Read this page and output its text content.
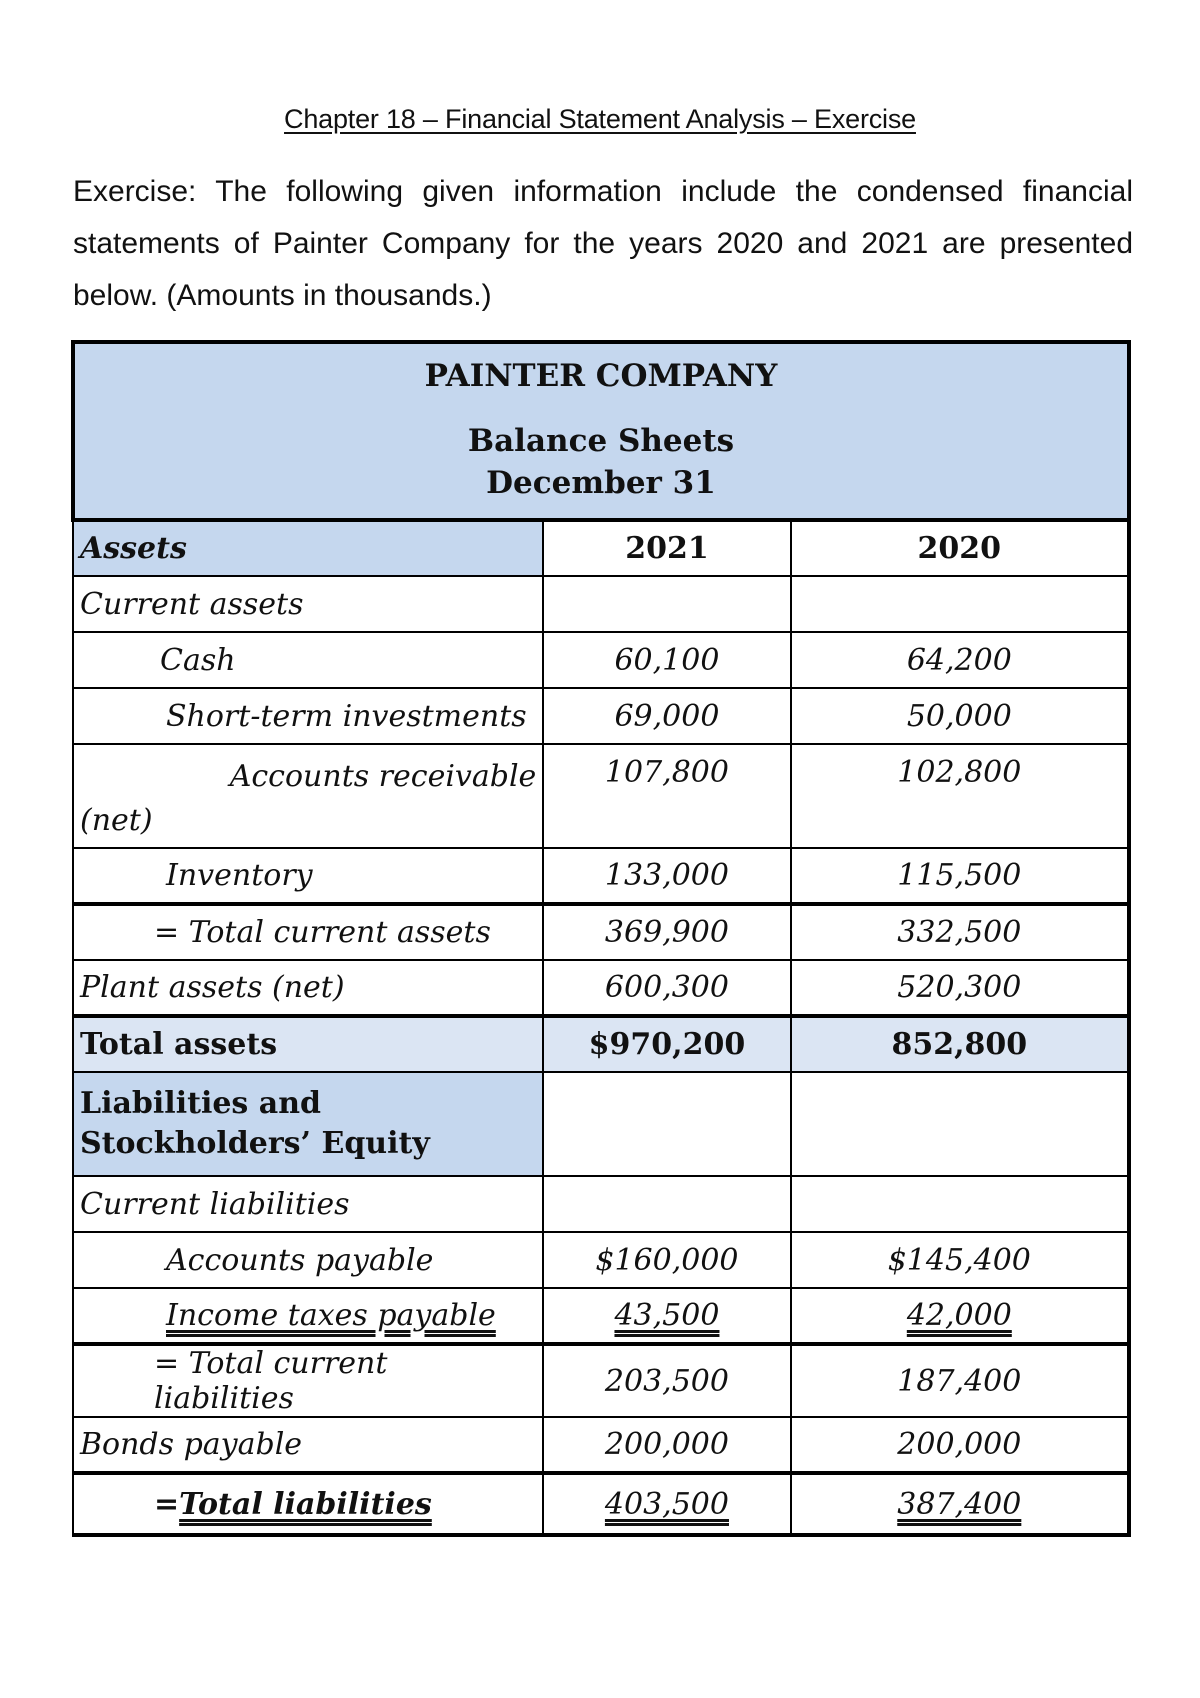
Chapter 18 – Financial Statement Analysis – Exercise
Exercise: The following given information include the condensed financial statements of Painter Company for the years 2020 and 2021 are presented below. (Amounts in thousands.)
PAINTER COMPANY
Balance Sheets
December 31		

Assets	2021	2020
Current assets		
Cash	60,100	64,200
Short-term investments	69,000	50,000

Accounts receivable
(net)	107,800	102,800
Inventory	133,000	115,500
= Total current assets	369,900	332,500
Plant assets (net)	600,300	520,300
Total assets	$970,200	852,800

Liabilities and
Stockholders’ Equity		

Current liabilities		
Accounts payable	$160,000	$145,400
Income taxes payable	43,500	42,000
= Total current liabilities	203,500	187,400
Bonds payable	200,000	200,000
=Total liabilities	403,500	387,400
